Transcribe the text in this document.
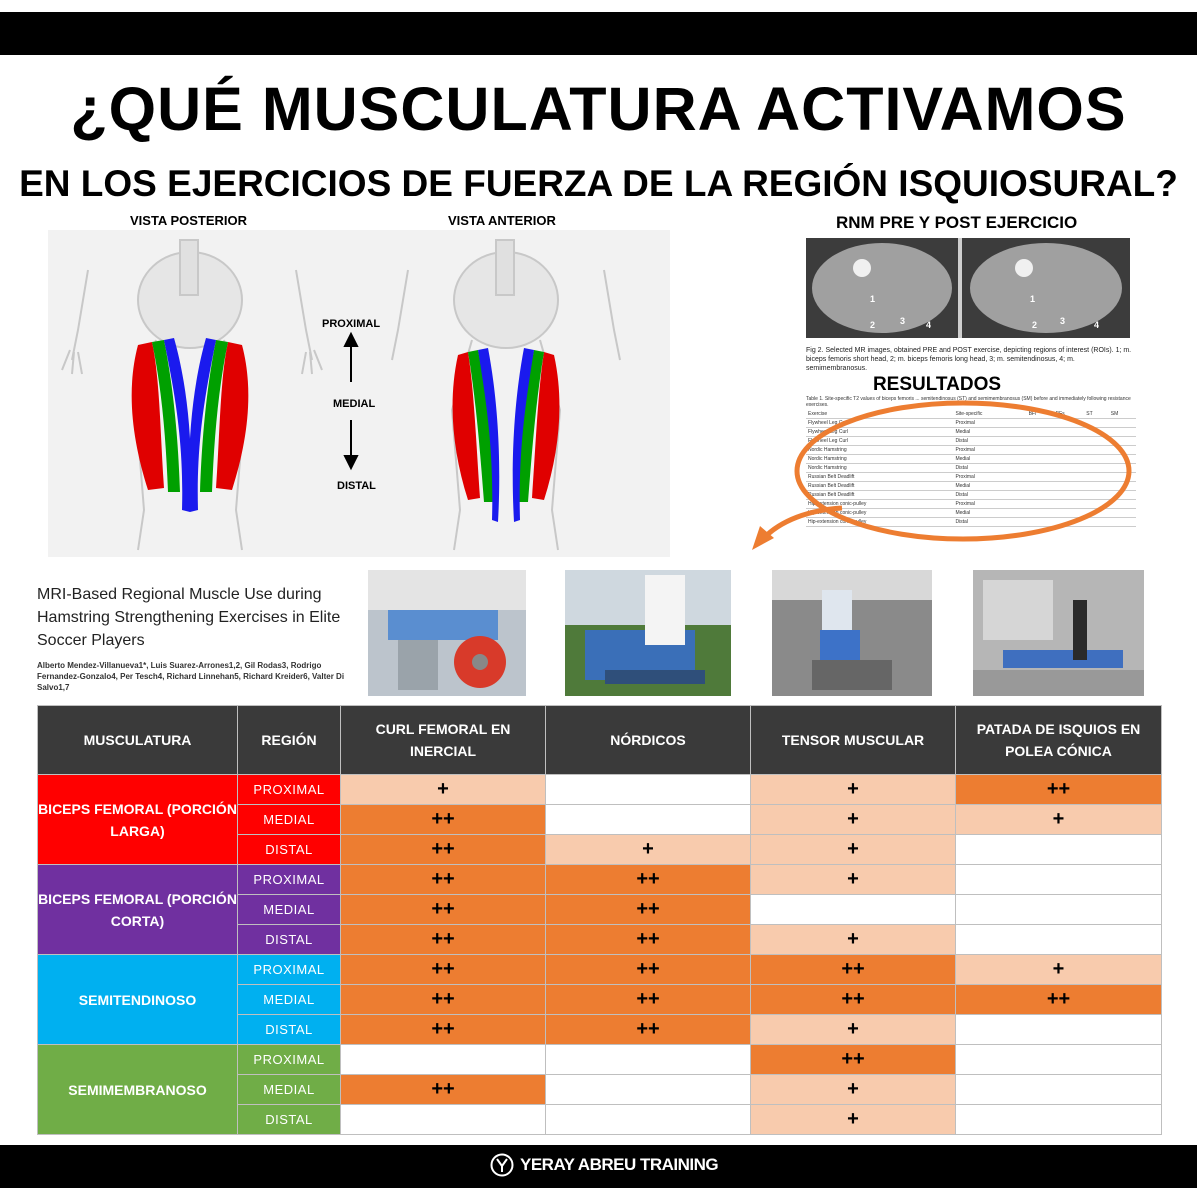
¿QUÉ MUSCULATURA ACTIVAMOS
EN LOS EJERCICIOS DE FUERZA DE LA REGIÓN ISQUIOSURAL?
VISTA POSTERIOR	VISTA ANTERIOR
PROXIMAL
MEDIAL
DISTAL
RNM PRE Y POST EJERCICIO
1
2	3 4
1
2	3	4
Fig 2. Selected MR images, obtained PRE and POST exercise, depicting regions of interest (ROIs). 1; m. biceps femoris short head, 2; m. biceps femoris long head, 3; m. semitendinosus, 4; m. semimembranosus.
RESULTADOS
Table 1. Site-specific T2 values of biceps femoris ... semitendinosus (ST) and semimembranosus (SM) before and immediately following resistance exercises.
Exercise	Site-specific	BFl	BFs	ST	SM
Flywheel Leg Curl	Proximal				
Flywheel Leg Curl	Medial				
Flywheel Leg Curl	Distal				
Nordic Hamstring	Proximal				
Nordic Hamstring	Medial				
Nordic Hamstring	Distal				
Russian Belt Deadlift	Proximal				
Russian Belt Deadlift	Medial				
Russian Belt Deadlift	Distal				
Hip-extension conic-pulley	Proximal				
Hip-extension conic-pulley	Medial				
Hip-extension conic-pulley	Distal				
MRI-Based Regional Muscle Use during Hamstring Strengthening Exercises in Elite Soccer Players
Alberto Mendez-Villanueva1*, Luis Suarez-Arrones1,2, Gil Rodas3, Rodrigo Fernandez-Gonzalo4, Per Tesch4, Richard Linnehan5, Richard Kreider6, Valter Di Salvo1,7
MUSCULATURA	REGIÓN	CURL FEMORAL EN INERCIAL	NÓRDICOS	TENSOR MUSCULAR	PATADA DE ISQUIOS EN POLEA CÓNICA
BICEPS FEMORAL (PORCIÓN LARGA)	PROXIMAL	+		+	++
	MEDIAL	++		+	+
	DISTAL	++	+	+	
BICEPS FEMORAL (PORCIÓN CORTA)	PROXIMAL	++	++	+	
	MEDIAL	++	++		
	DISTAL	++	++	+	
SEMITENDINOSO	PROXIMAL	++	++	++	+
	MEDIAL	++	++	++	++
	DISTAL	++	++	+	
SEMIMEMBRANOSO	PROXIMAL			++	
	MEDIAL	++		+	
	DISTAL			+	
YERAY ABREU TRAINING
